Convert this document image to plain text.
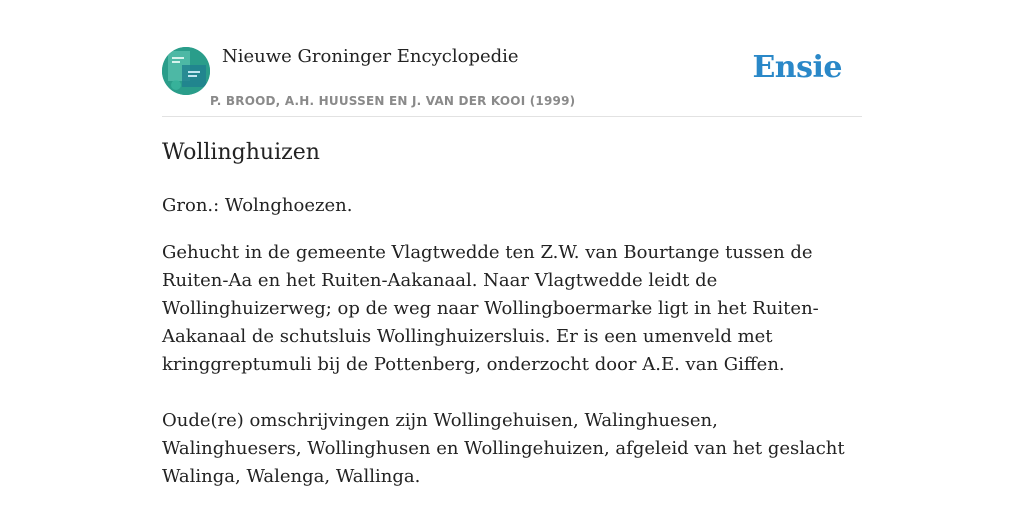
Nieuwe Groninger Encyclopedie
P. BROOD, A.H. HUUSSEN EN J. VAN DER KOOI (1999)
Ensie
Wollinghuizen

Gron.: Wolnghoezen.

Gehucht in de gemeente Vlagtwedde ten Z.W. van Bourtange tussen de Ruiten-Aa en het Ruiten-Aakanaal. Naar Vlagtwedde leidt de Wollinghuizerweg; op de weg naar Wollingboermarke ligt in het Ruiten-Aakanaal de schutsluis Wollinghuizersluis. Er is een umenveld met kringgreptumuli bij de Pottenberg, onderzocht door A.E. van Giffen.

Oude(re) omschrijvingen zijn Wollingehuisen, Walinghuesen, Walinghuesers, Wollinghusen en Wollingehuizen, afgeleid van het geslacht Walinga, Walenga, Wallinga.
